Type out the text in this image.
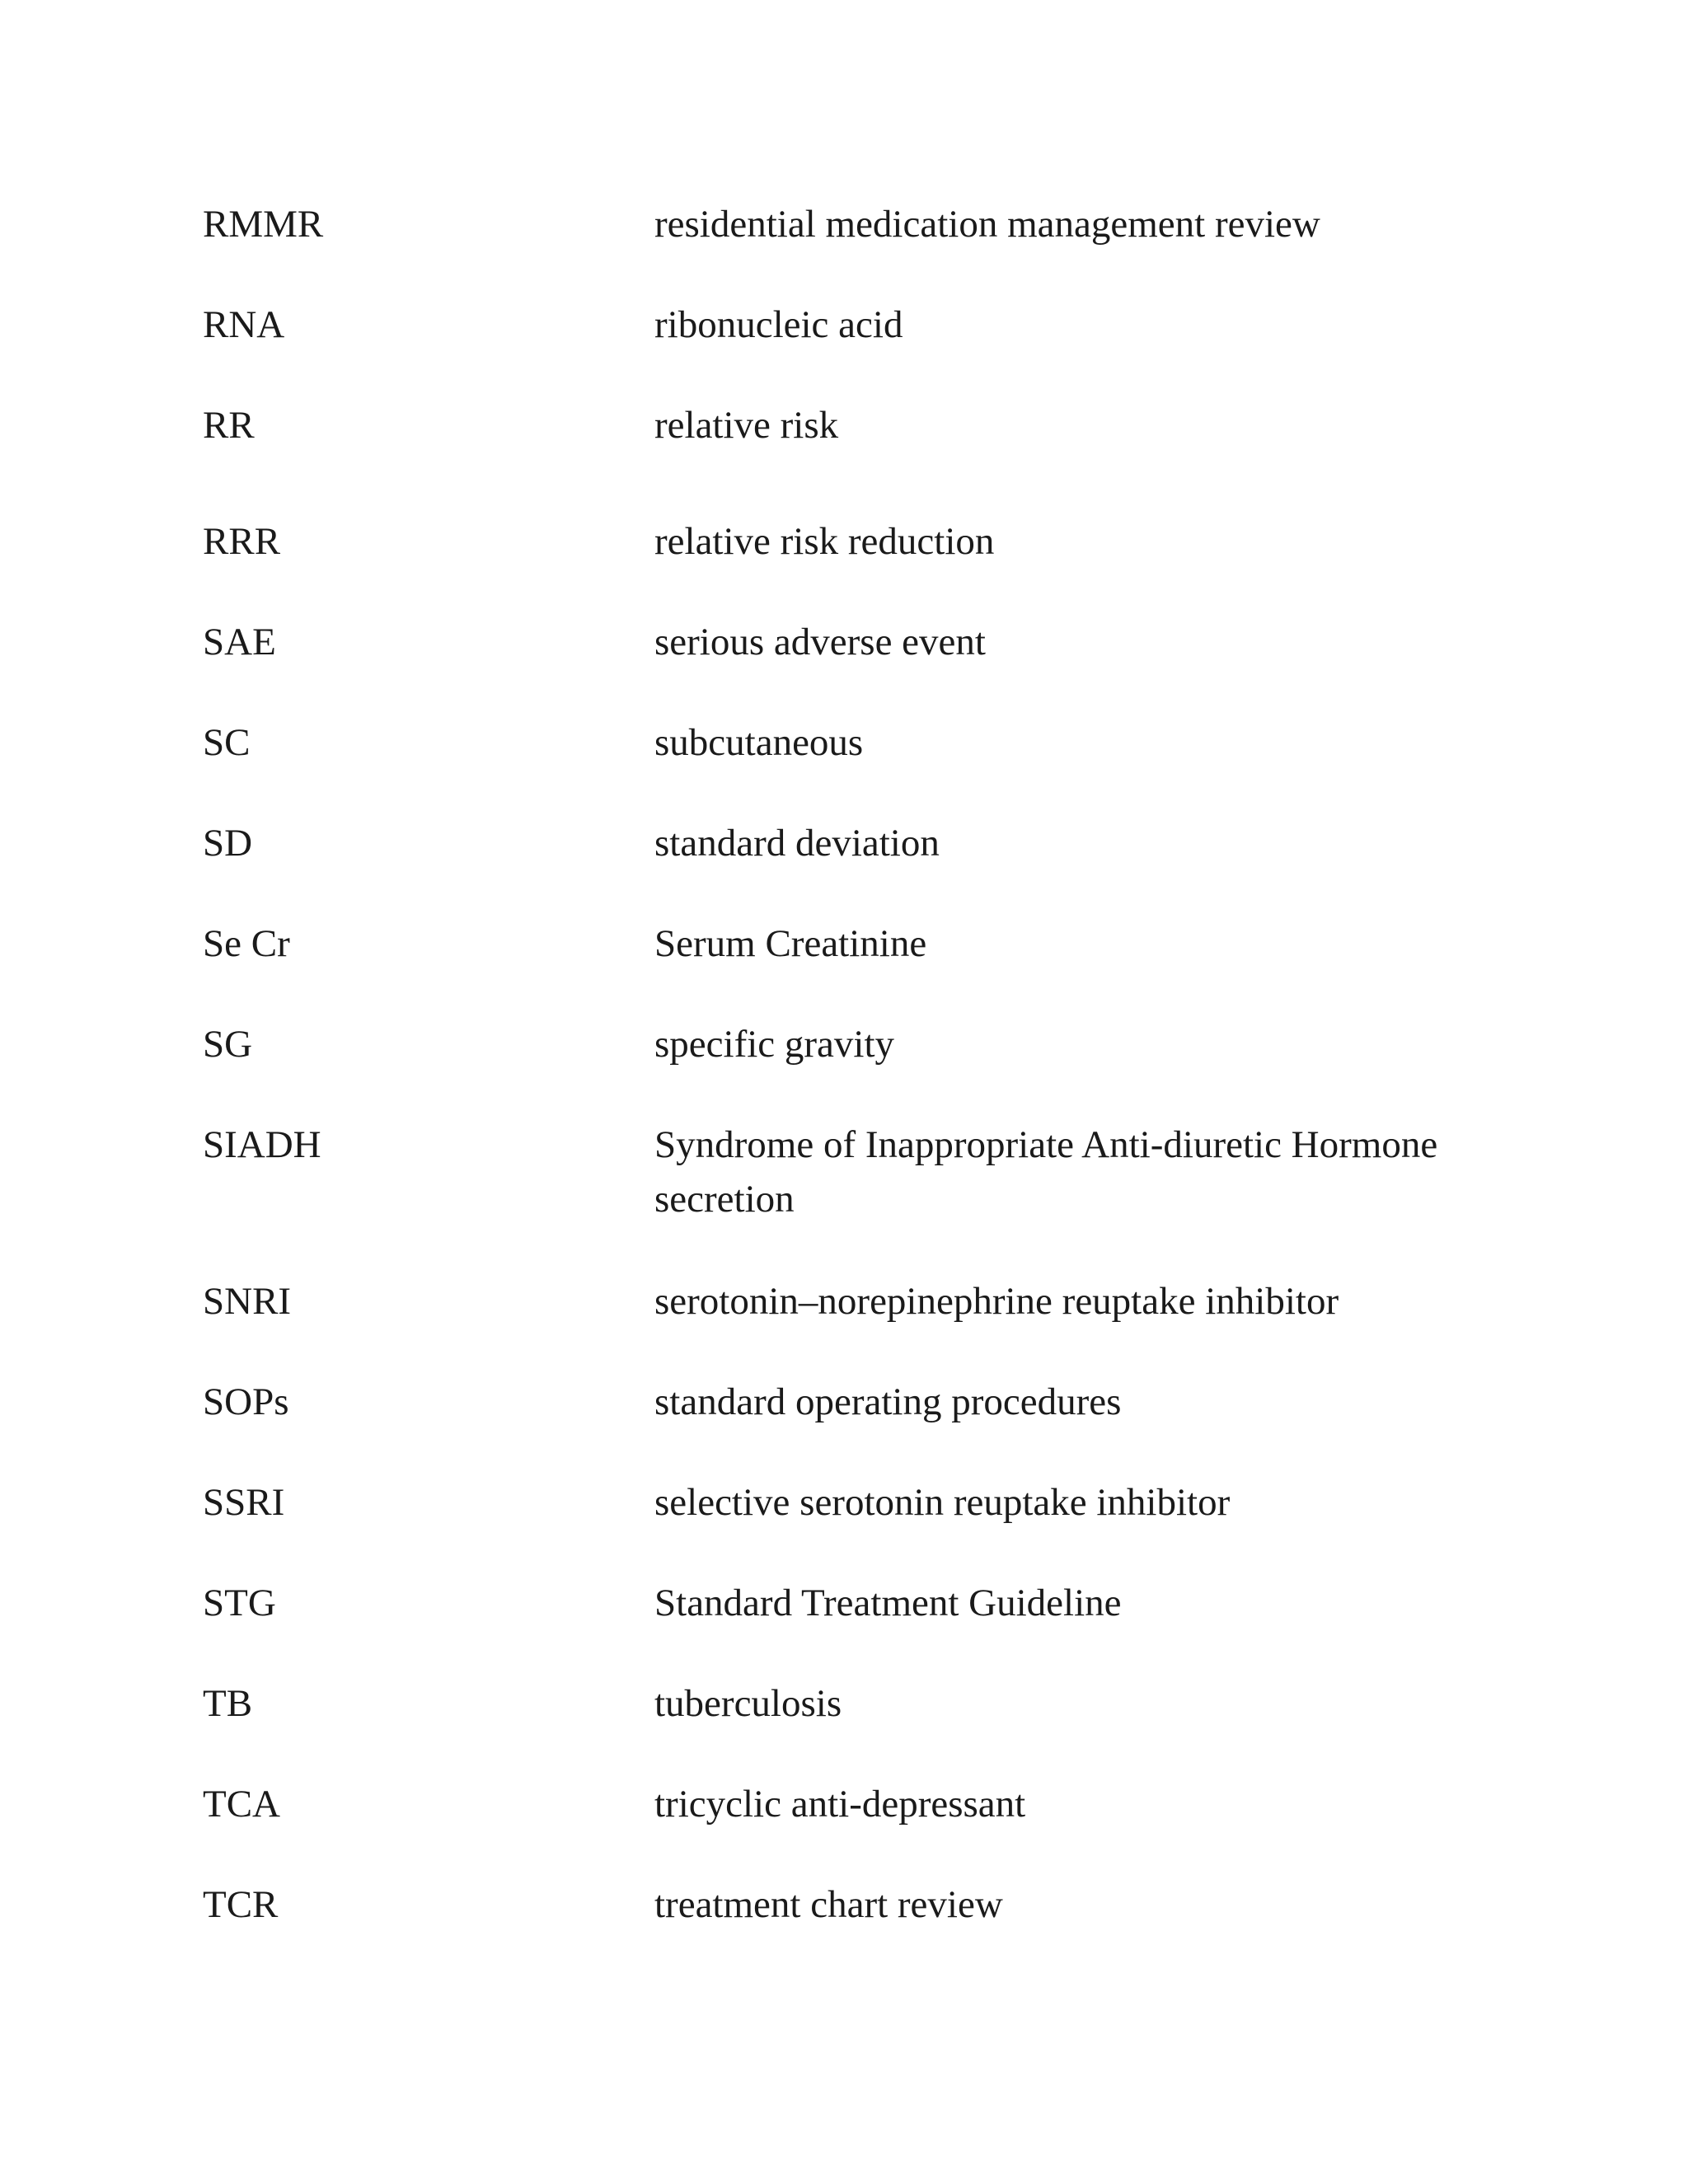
RMMR	residential medication management review
RNA	ribonucleic acid
RR	relative risk
RRR	relative risk reduction
SAE	serious adverse event
SC	subcutaneous
SD	standard deviation
Se Cr	Serum Creatinine
SG	specific gravity
SIADH	Syndrome of Inappropriate Anti-diuretic Hormone secretion
SNRI	serotonin–norepinephrine reuptake inhibitor
SOPs	standard operating procedures
SSRI	selective serotonin reuptake inhibitor
STG	Standard Treatment Guideline
TB	tuberculosis
TCA	tricyclic anti-depressant
TCR	treatment chart review
